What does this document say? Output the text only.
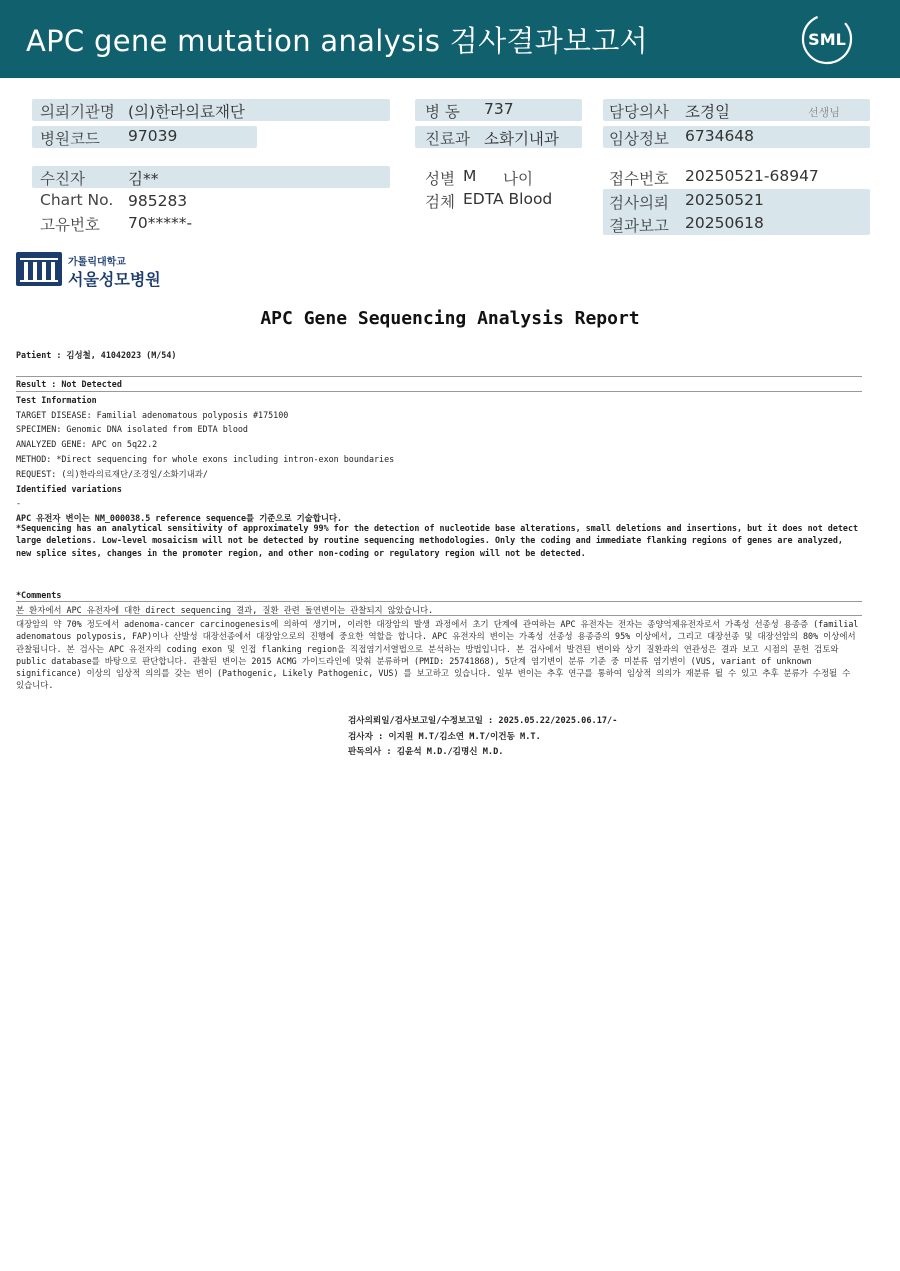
APC gene mutation analysis 검사결과보고서	SML
의뢰기관명 (의)한라의료재단
병원코드 97039
병 동 737
진료과 소화기내과
담당의사 조경일	선생님
임상정보 6734648
수진자	김**
Chart No. 985283
고유번호 70*****-
성별 M 나이
검체 EDTA Blood
접수번호 20250521-68947
검사의뢰 20250521
결과보고 20250618
가톨릭대학교
서울성모병원
APC Gene Sequencing Analysis Report
Patient : 김성철, 41042023 (M/54)
Result : Not Detected
Test Information
TARGET DISEASE: Familial adenomatous polyposis #175100
SPECIMEN: Genomic DNA isolated from EDTA blood
ANALYZED GENE: APC on 5q22.2
METHOD: *Direct sequencing for whole exons including intron-exon boundaries
REQUEST: (의)한라의료재단/조경일/소화기내과/
Identified variations
-
APC 유전자 변이는 NM_000038.5 reference sequence를 기준으로 기술합니다.
*Sequencing has an analytical sensitivity of approximately 99% for the detection of nucleotide base alterations, small deletions and insertions, but it does not detect large deletions. Low-level mosaicism will not be detected by routine sequencing methodologies. Only the coding and immediate flanking regions of genes are analyzed, new splice sites, changes in the promoter region, and other non-coding or regulatory region will not be detected.
*Comments
본 환자에서 APC 유전자에 대한 direct sequencing 결과, 질환 관련 돌연변이는 관찰되지 않았습니다.
대장암의 약 70% 정도에서 adenoma-cancer carcinogenesis에 의하여 생기며, 이러한 대장암의 발생 과정에서 초기 단계에 관여하는 APC 유전자는 전자는 종양억제유전자로서 가족성 선종성 용종증 (familial adenomatous polyposis, FAP)이나 산발성 대장선종에서 대장암으로의 진행에 중요한 역할을 합니다. APC 유전자의 변이는 가족성 선종성 용종증의 95% 이상에서, 그리고 대장선종 및 대장선암의 80% 이상에서 관찰됩니다. 본 검사는 APC 유전자의 coding exon 및 인접 flanking region을 직접염기서열법으로 분석하는 방법입니다. 본 검사에서 발견된 변이와 상기 질환과의 연관성은 결과 보고 시점의 문헌 검토와 public database를 바탕으로 판단합니다. 관찰된 변이는 2015 ACMG 가이드라인에 맞춰 분류하며 (PMID: 25741868), 5단계 염기변이 분류 기준 중 미분류 염기변이 (VUS, variant of unknown significance) 이상의 임상적 의의를 갖는 변이 (Pathogenic, Likely Pathogenic, VUS) 를 보고하고 있습니다. 일부 변이는 추후 연구를 통하여 임상적 의의가 재분류 될 수 있고 추후 분류가 수정될 수 있습니다.
검사의뢰일/검사보고일/수정보고일 : 2025.05.22/2025.06.17/-
검사자 : 이지원 M.T/김소연 M.T/이건동 M.T.
판독의사 : 김윤석 M.D./김명신 M.D.
